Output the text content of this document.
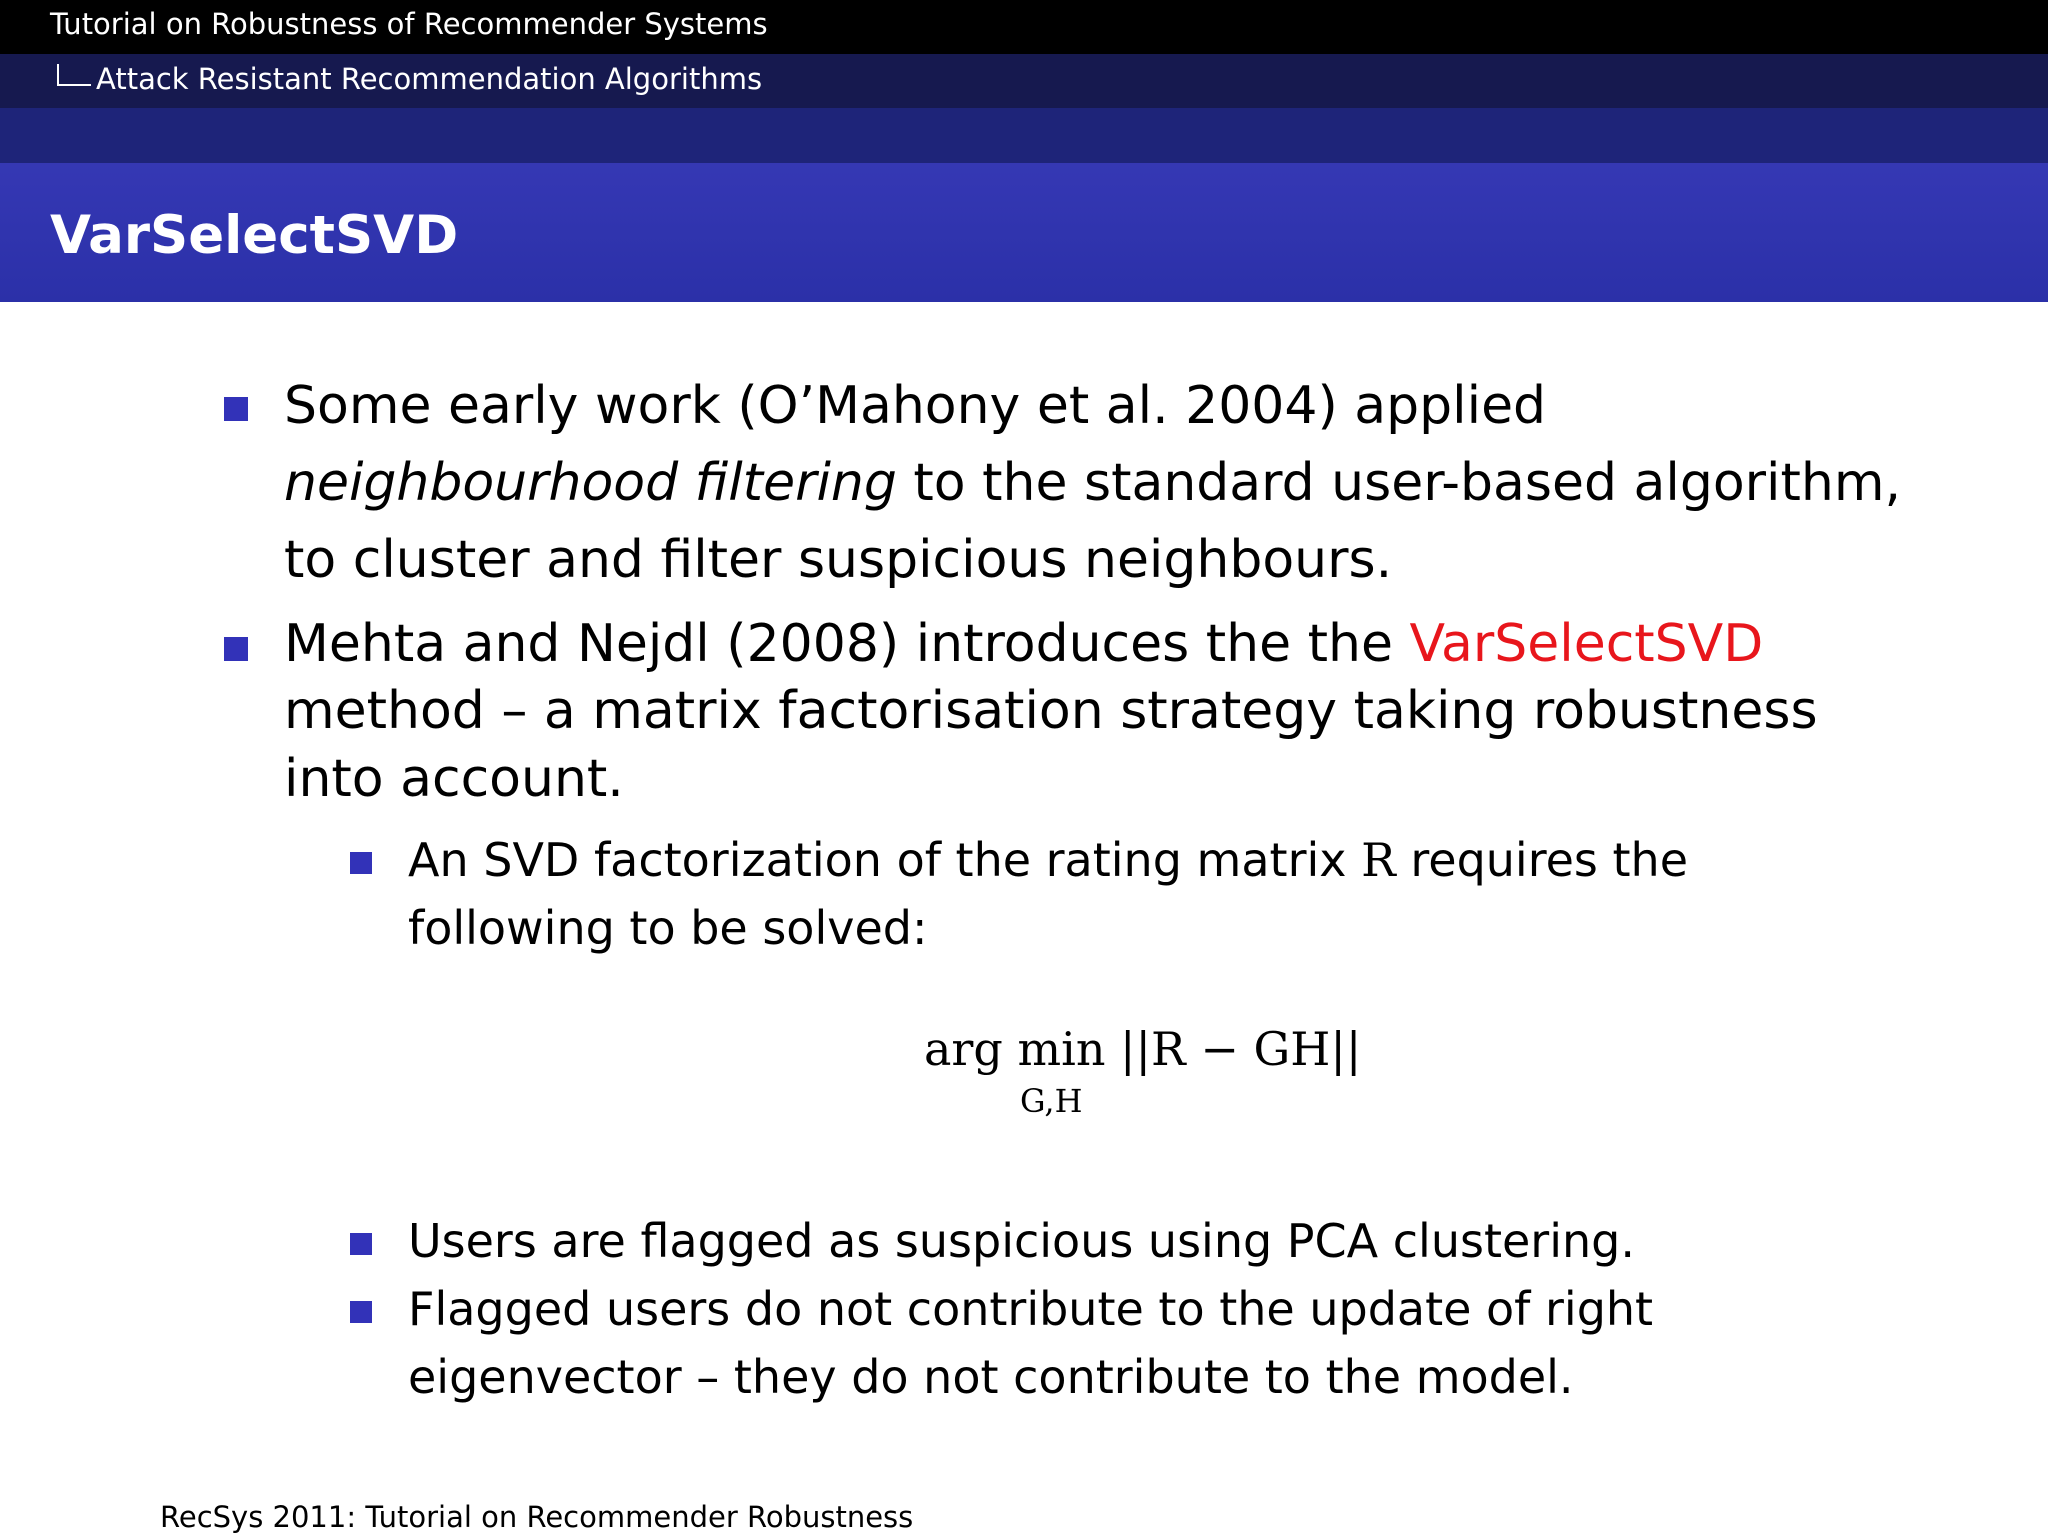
Tutorial on Robustness of Recommender Systems
Attack Resistant Recommendation Algorithms
VarSelectSVD
Some early work (O’Mahony et al. 2004) applied
neighbourhood filtering to the standard user-based algorithm,
to cluster and filter suspicious neighbours.
Mehta and Nejdl (2008) introduces the the VarSelectSVD
method – a matrix factorisation strategy taking robustness
into account.
An SVD factorization of the rating matrix R requires the
following to be solved:
arg min ||R − GH||
G,H
Users are flagged as suspicious using PCA clustering.
Flagged users do not contribute to the update of right
eigenvector – they do not contribute to the model.
RecSys 2011: Tutorial on Recommender Robustness
